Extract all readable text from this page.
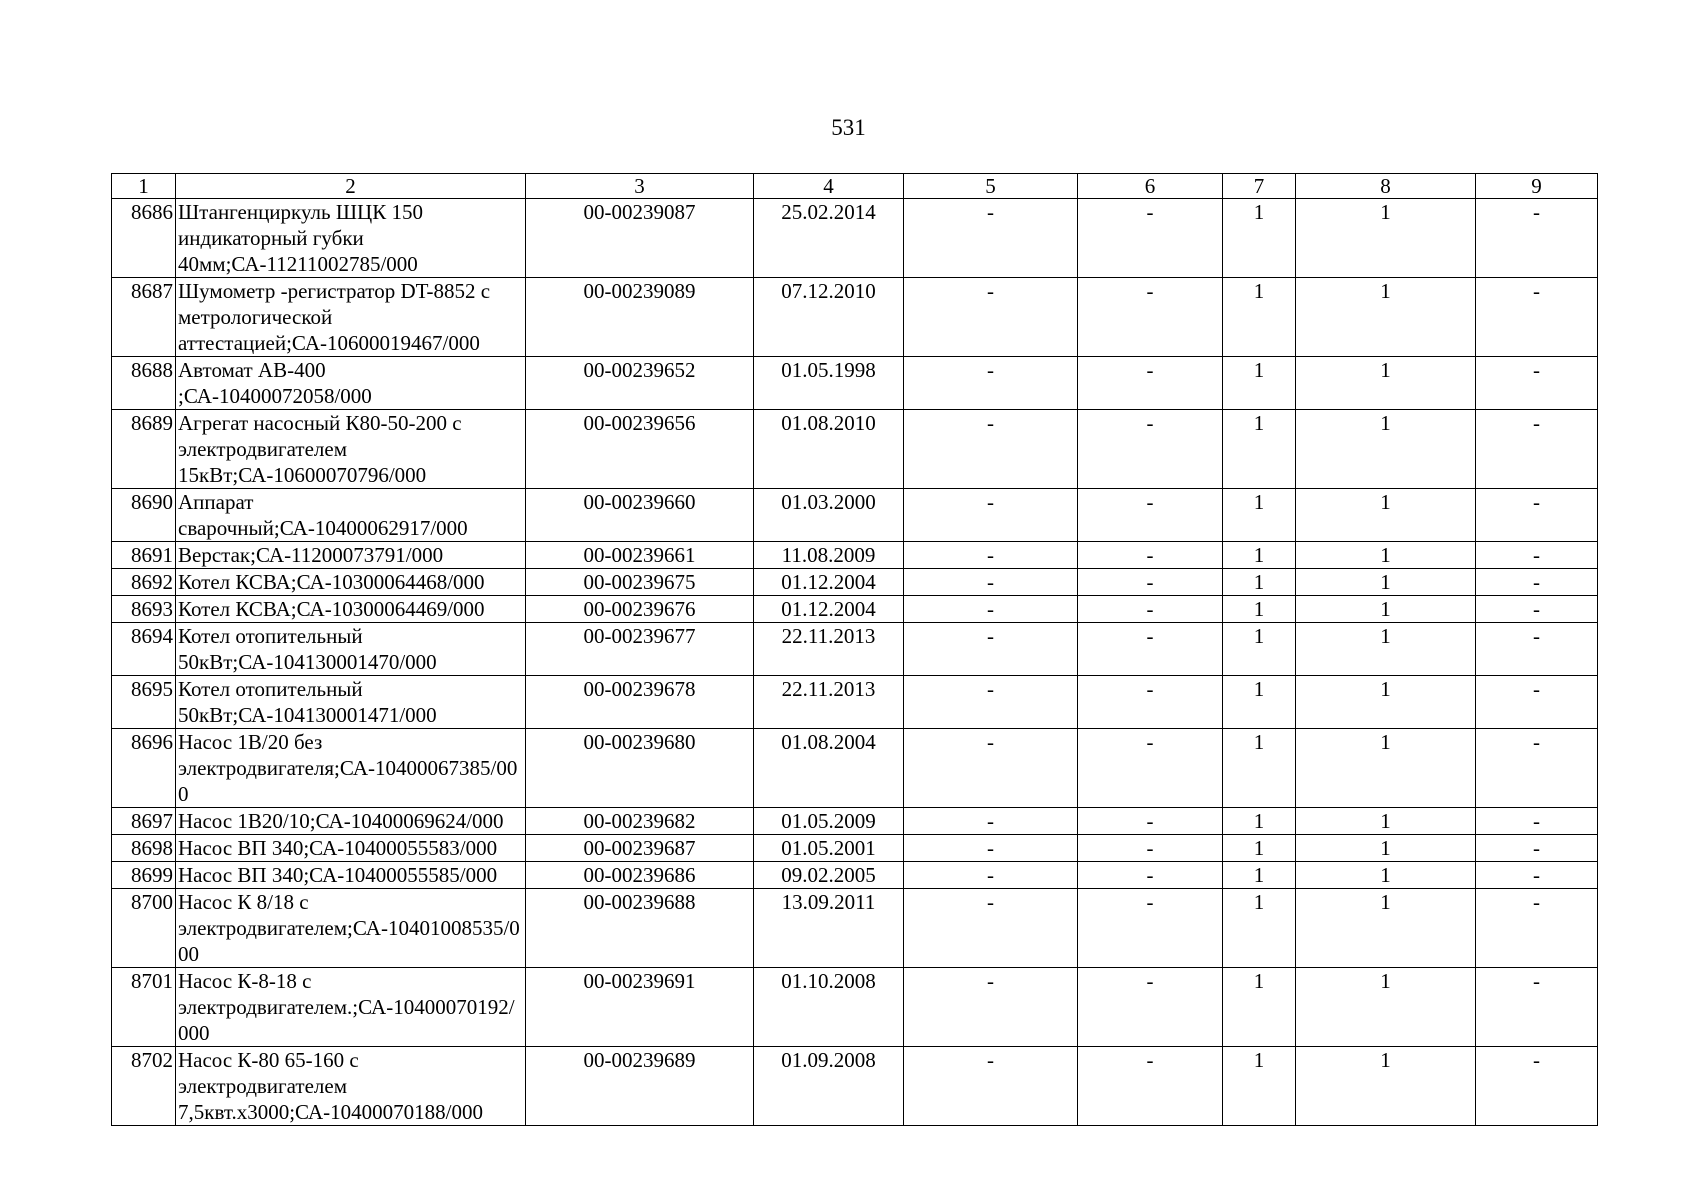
531
1	2	3	4	5	6	7	8	9
8686	Штангенциркуль ШЦК 150 индикаторный губки 40мм;СА-11211002785/000	00-00239087	25.02.2014	-	-	1	1	-
8687	Шумометр -регистратор DT-8852 с метрологической аттестацией;СА-10600019467/000	00-00239089	07.12.2010	-	-	1	1	-
8688	Автомат АВ-400 ;СА-10400072058/000	00-00239652	01.05.1998	-	-	1	1	-
8689	Агрегат насосный К80-50-200 с электродвигателем 15кВт;СА-10600070796/000	00-00239656	01.08.2010	-	-	1	1	-
8690	Аппарат сварочный;СА-10400062917/000	00-00239660	01.03.2000	-	-	1	1	-
8691	Верстак;СА-11200073791/000	00-00239661	11.08.2009	-	-	1	1	-
8692	Котел КСВА;СА-10300064468/000	00-00239675	01.12.2004	-	-	1	1	-
8693	Котел КСВА;СА-10300064469/000	00-00239676	01.12.2004	-	-	1	1	-
8694	Котел отопительный 50кВт;СА-104130001470/000	00-00239677	22.11.2013	-	-	1	1	-
8695	Котел отопительный 50кВт;СА-104130001471/000	00-00239678	22.11.2013	-	-	1	1	-
8696	Насос 1В/20 без электродвигателя;СА-10400067385/000	00-00239680	01.08.2004	-	-	1	1	-
8697	Насос 1В20/10;СА-10400069624/000	00-00239682	01.05.2009	-	-	1	1	-
8698	Насос ВП 340;СА-10400055583/000	00-00239687	01.05.2001	-	-	1	1	-
8699	Насос ВП 340;СА-10400055585/000	00-00239686	09.02.2005	-	-	1	1	-
8700	Насос К 8/18 с электродвигателем;СА-10401008535/000	00-00239688	13.09.2011	-	-	1	1	-
8701	Насос К-8-18 с электродвигателем.;СА-10400070192/000	00-00239691	01.10.2008	-	-	1	1	-
8702	Насос К-80 65-160 с электродвигателем 7,5квт.х3000;СА-10400070188/000	00-00239689	01.09.2008	-	-	1	1	-
